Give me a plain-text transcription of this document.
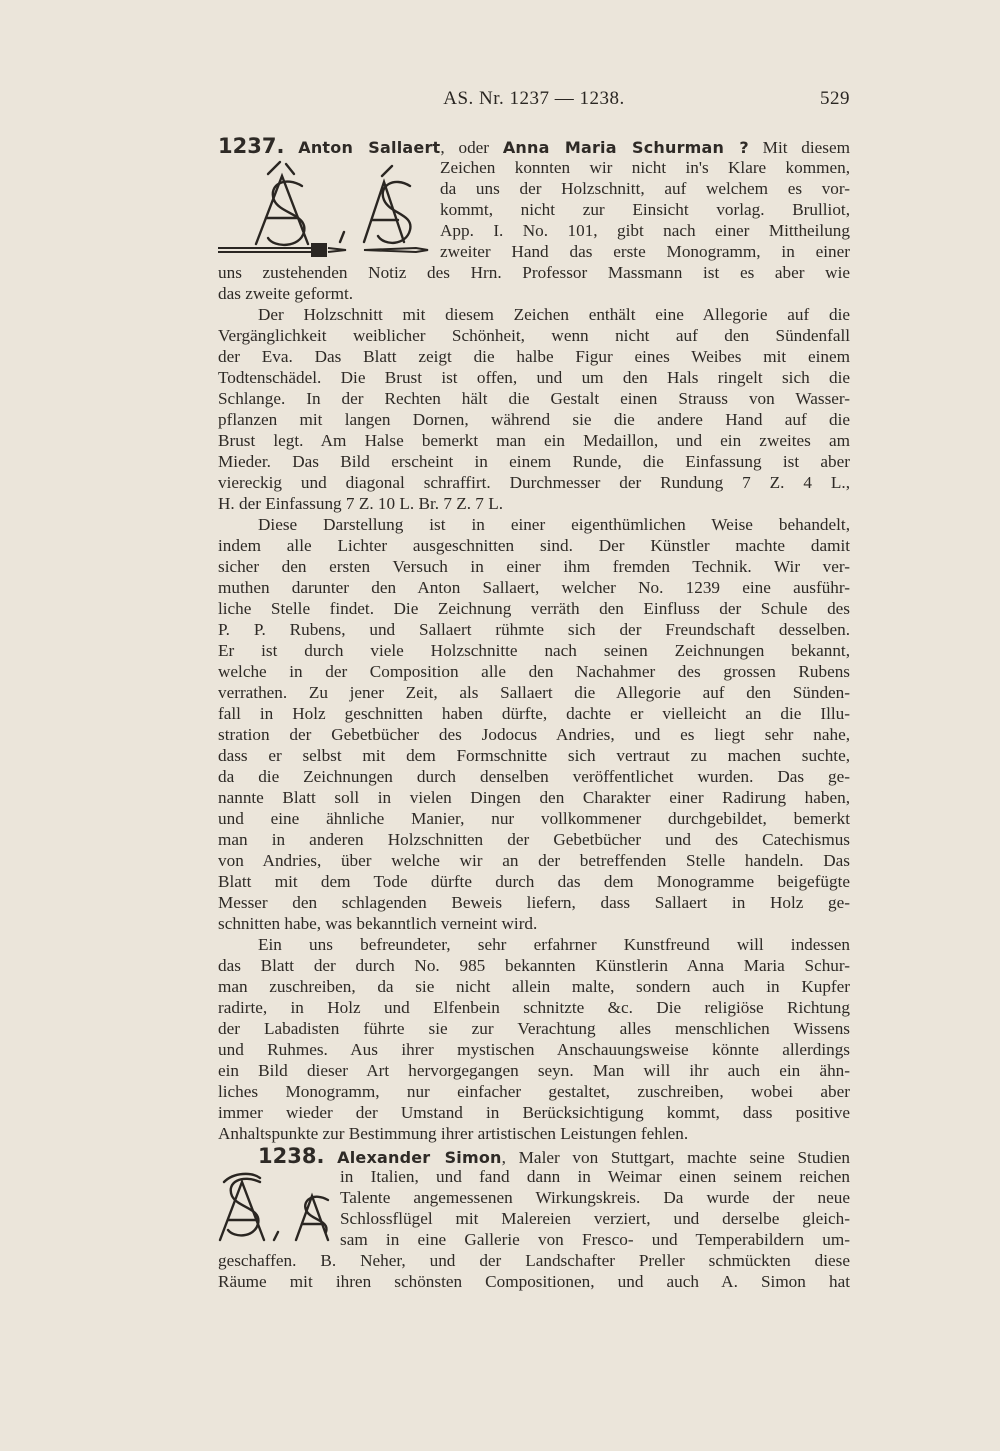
AS. Nr. 1237 — 1238.	529
1237. Anton Sallaert, oder Anna Maria Schurman ? Mit diesem
Zeichen konnten wir nicht in's Klare kommen,
da uns der Holzschnitt, auf welchem es vor-
kommt, nicht zur Einsicht vorlag. Brulliot,
App. I. No. 101, gibt nach einer Mittheilung
zweiter Hand das erste Monogramm, in einer
uns zustehenden Notiz des Hrn. Professor Massmann ist es aber wie
das zweite geformt.
Der Holzschnitt mit diesem Zeichen enthält eine Allegorie auf die
Vergänglichkeit weiblicher Schönheit, wenn nicht auf den Sündenfall
der Eva. Das Blatt zeigt die halbe Figur eines Weibes mit einem
Todtenschädel. Die Brust ist offen, und um den Hals ringelt sich die
Schlange. In der Rechten hält die Gestalt einen Strauss von Wasser-
pflanzen mit langen Dornen, während sie die andere Hand auf die
Brust legt. Am Halse bemerkt man ein Medaillon, und ein zweites am
Mieder. Das Bild erscheint in einem Runde, die Einfassung ist aber
viereckig und diagonal schraffirt. Durchmesser der Rundung 7 Z. 4 L.,
H. der Einfassung 7 Z. 10 L. Br. 7 Z. 7 L.
Diese Darstellung ist in einer eigenthümlichen Weise behandelt,
indem alle Lichter ausgeschnitten sind. Der Künstler machte damit
sicher den ersten Versuch in einer ihm fremden Technik. Wir ver-
muthen darunter den Anton Sallaert, welcher No. 1239 eine ausführ-
liche Stelle findet. Die Zeichnung verräth den Einfluss der Schule des
P. P. Rubens, und Sallaert rühmte sich der Freundschaft desselben.
Er ist durch viele Holzschnitte nach seinen Zeichnungen bekannt,
welche in der Composition alle den Nachahmer des grossen Rubens
verrathen. Zu jener Zeit, als Sallaert die Allegorie auf den Sünden-
fall in Holz geschnitten haben dürfte, dachte er vielleicht an die Illu-
stration der Gebetbücher des Jodocus Andries, und es liegt sehr nahe,
dass er selbst mit dem Formschnitte sich vertraut zu machen suchte,
da die Zeichnungen durch denselben veröffentlichet wurden. Das ge-
nannte Blatt soll in vielen Dingen den Charakter einer Radirung haben,
und eine ähnliche Manier, nur vollkommener durchgebildet, bemerkt
man in anderen Holzschnitten der Gebetbücher und des Catechismus
von Andries, über welche wir an der betreffenden Stelle handeln. Das
Blatt mit dem Tode dürfte durch das dem Monogramme beigefügte
Messer den schlagenden Beweis liefern, dass Sallaert in Holz ge-
schnitten habe, was bekanntlich verneint wird.
Ein uns befreundeter, sehr erfahrner Kunstfreund will indessen
das Blatt der durch No. 985 bekannten Künstlerin Anna Maria Schur-
man zuschreiben, da sie nicht allein malte, sondern auch in Kupfer
radirte, in Holz und Elfenbein schnitzte &c. Die religiöse Richtung
der Labadisten führte sie zur Verachtung alles menschlichen Wissens
und Ruhmes. Aus ihrer mystischen Anschauungsweise könnte allerdings
ein Bild dieser Art hervorgegangen seyn. Man will ihr auch ein ähn-
liches Monogramm, nur einfacher gestaltet, zuschreiben, wobei aber
immer wieder der Umstand in Berücksichtigung kommt, dass positive
Anhaltspunkte zur Bestimmung ihrer artistischen Leistungen fehlen.
1238. Alexander Simon, Maler von Stuttgart, machte seine Studien
in Italien, und fand dann in Weimar einen seinem reichen
Talente angemessenen Wirkungskreis. Da wurde der neue
Schlossflügel mit Malereien verziert, und derselbe gleich-
sam in eine Gallerie von Fresco- und Temperabildern um-
geschaffen. B. Neher, und der Landschafter Preller schmückten diese
Räume mit ihren schönsten Compositionen, und auch A. Simon hat
